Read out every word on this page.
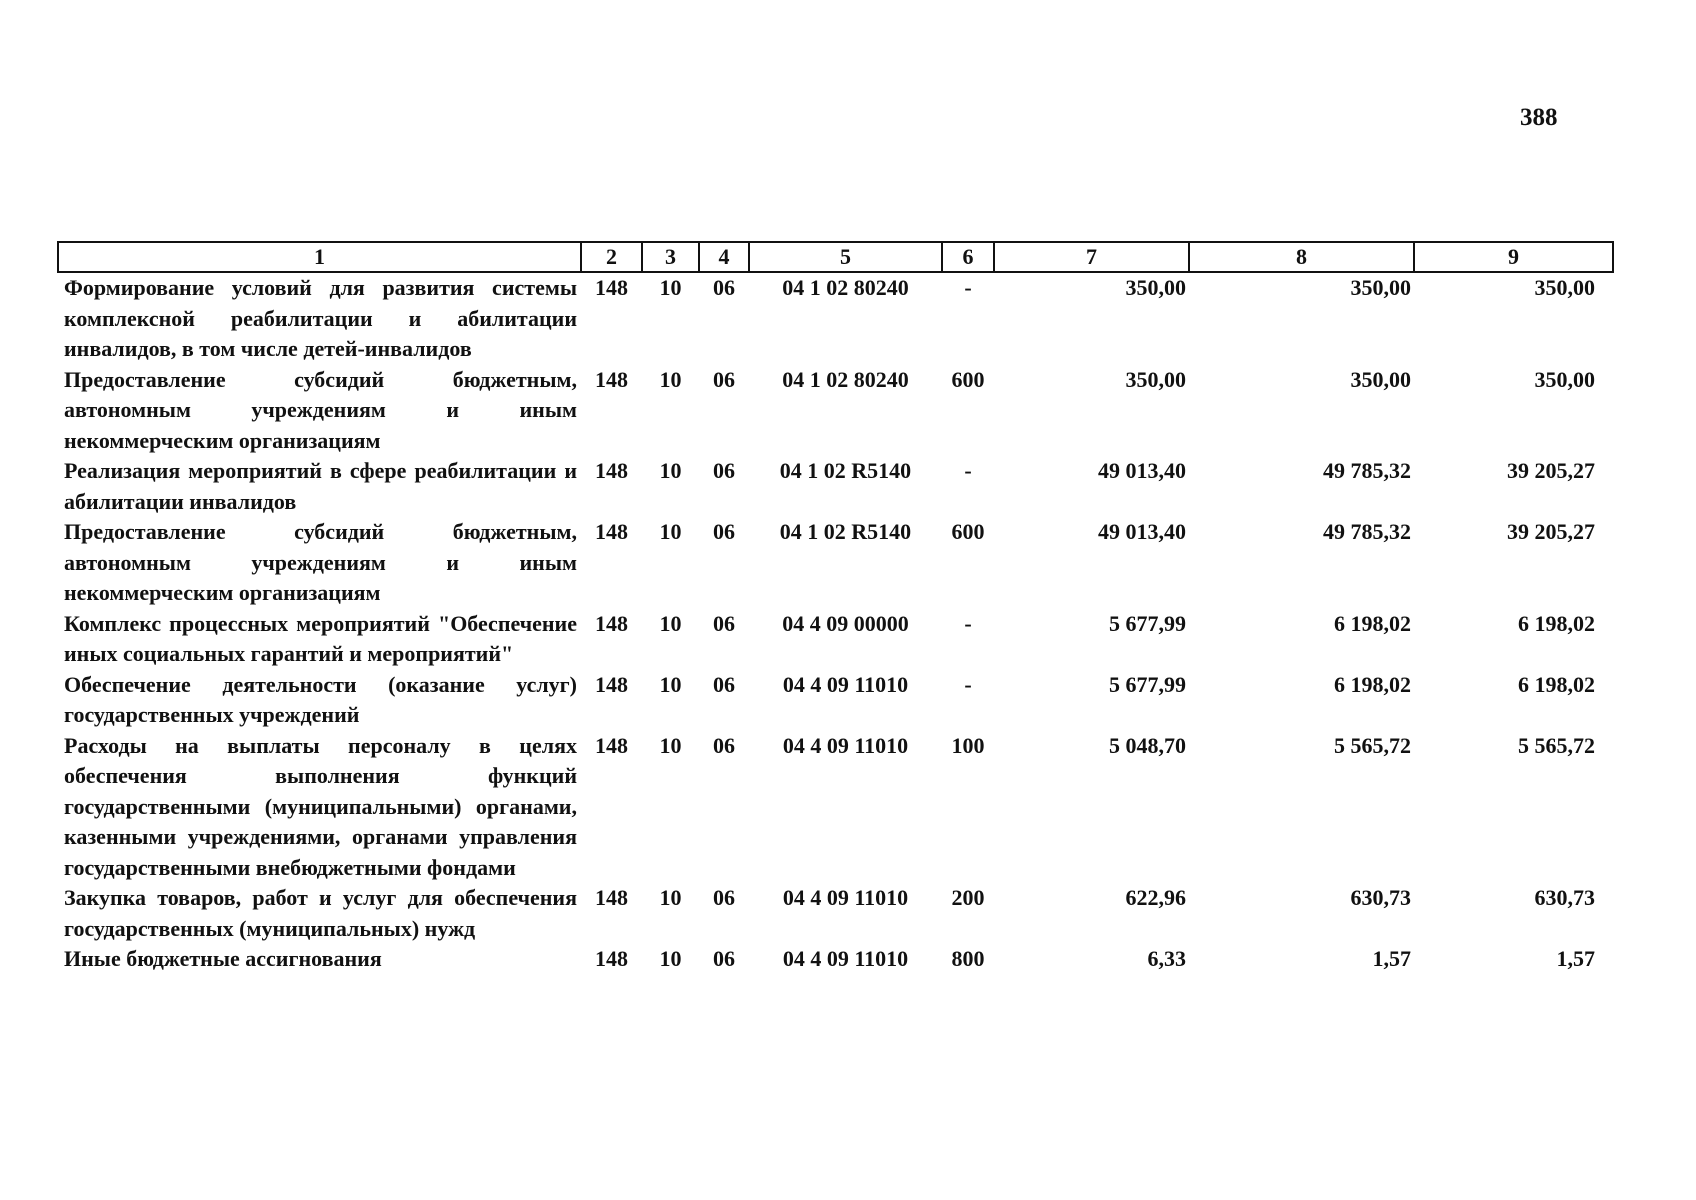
388
1	2	3	4	5	6	7	8	9
Формирование условий для развития системы комплексной реабилитации и абилитации инвалидов, в том числе детей-инвалидов	148	10	06	04 1 02 80240	-	350,00	350,00	350,00
Предоставление субсидий бюджетным, автономным учреждениям и иным некоммерческим организациям	148	10	06	04 1 02 80240	600	350,00	350,00	350,00
Реализация мероприятий в сфере реабилитации и абилитации инвалидов	148	10	06	04 1 02 R5140	-	49 013,40	49 785,32	39 205,27
Предоставление субсидий бюджетным, автономным учреждениям и иным некоммерческим организациям	148	10	06	04 1 02 R5140	600	49 013,40	49 785,32	39 205,27
Комплекс процессных мероприятий "Обеспечение иных социальных гарантий и мероприятий"	148	10	06	04 4 09 00000	-	5 677,99	6 198,02	6 198,02
Обеспечение деятельности (оказание услуг) государственных учреждений	148	10	06	04 4 09 11010	-	5 677,99	6 198,02	6 198,02
Расходы на выплаты персоналу в целях обеспечения выполнения функций государственными (муниципальными) органами, казенными учреждениями, органами управления государственными внебюджетными фондами	148	10	06	04 4 09 11010	100	5 048,70	5 565,72	5 565,72
Закупка товаров, работ и услуг для обеспечения государственных (муниципальных) нужд	148	10	06	04 4 09 11010	200	622,96	630,73	630,73
Иные бюджетные ассигнования	148	10	06	04 4 09 11010	800	6,33	1,57	1,57
